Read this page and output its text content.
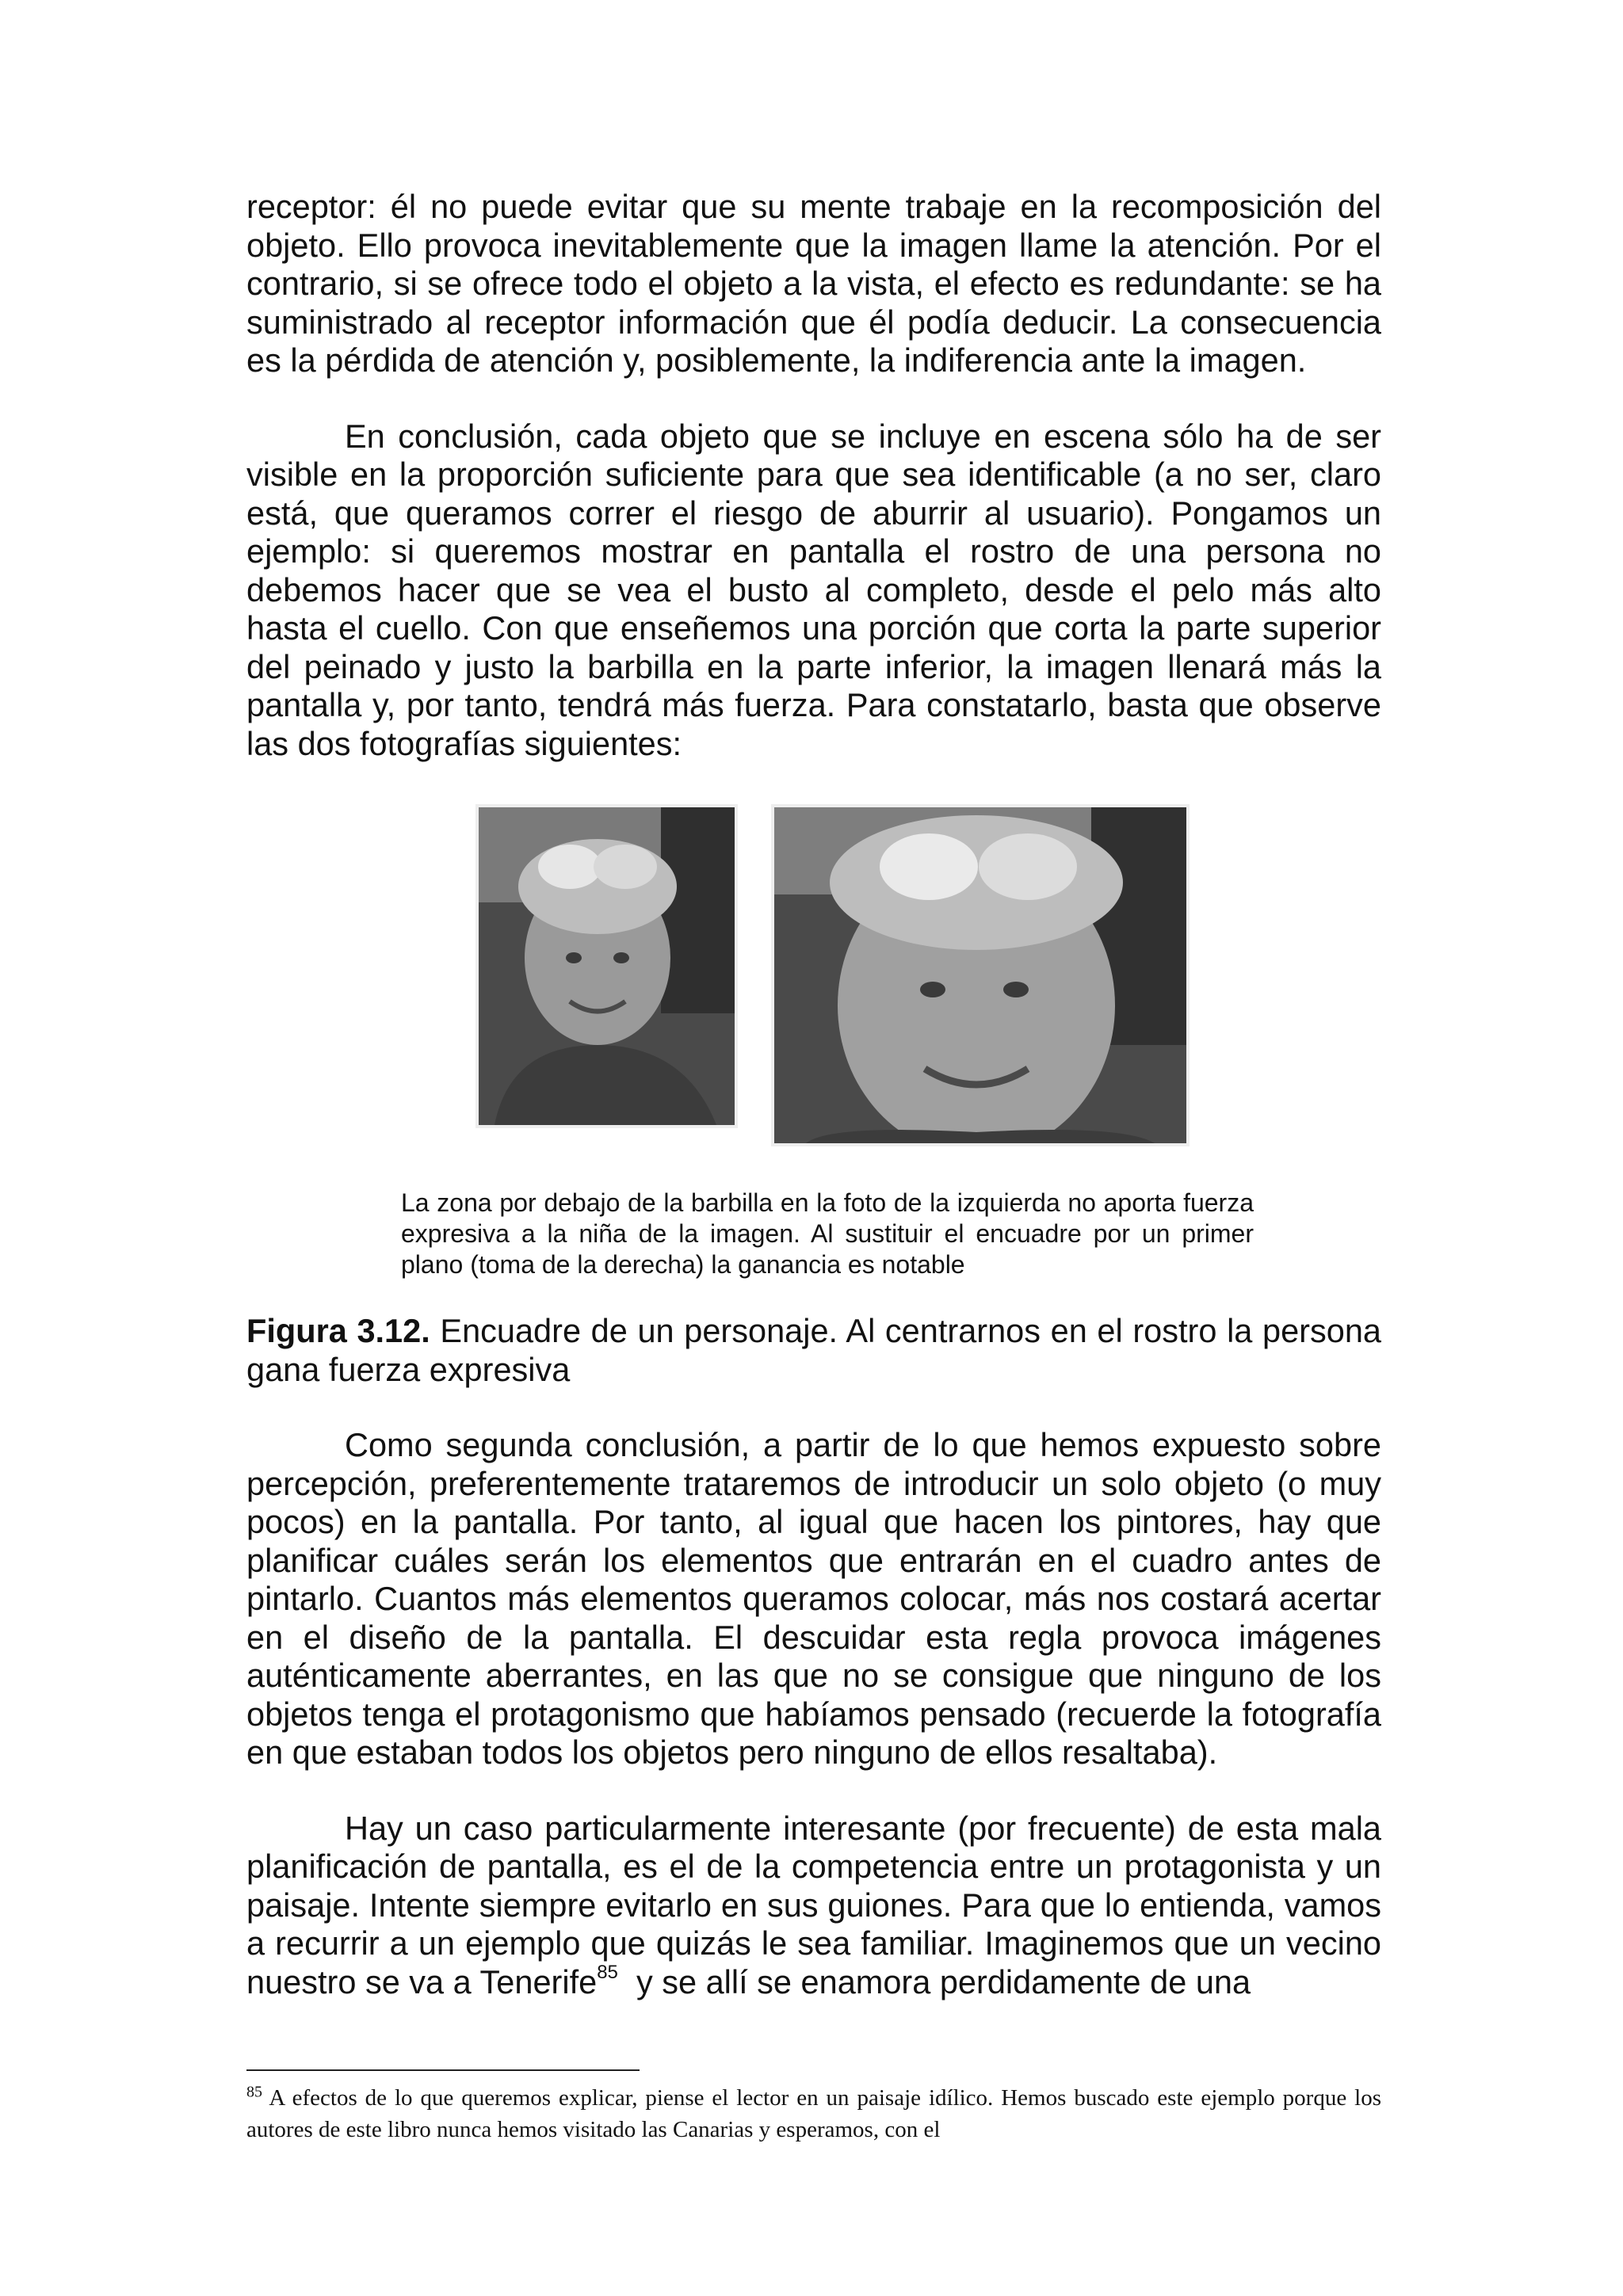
receptor: él no puede evitar que su mente trabaje en la recomposición del objeto. Ello provoca inevitablemente que la imagen llame la atención. Por el contrario, si se ofrece todo el objeto a la vista, el efecto es redundante: se ha suministrado al receptor información que él podía deducir. La consecuencia es la pérdida de atención y, posiblemente, la indiferencia ante la imagen.

En conclusión, cada objeto que se incluye en escena sólo ha de ser visible en la proporción suficiente para que sea identificable (a no ser, claro está, que queramos correr el riesgo de aburrir al usuario). Pongamos un ejemplo: si queremos mostrar en pantalla el rostro de una persona no debemos hacer que se vea el busto al completo, desde el pelo más alto hasta el cuello. Con que enseñemos una porción que corta la parte superior del peinado y justo la barbilla en la parte inferior, la imagen llenará más la pantalla y, por tanto, tendrá más fuerza. Para constatarlo, basta que observe las dos fotografías siguientes:

La zona por debajo de la barbilla en la foto de la izquierda no aporta fuerza expresiva a la niña de la imagen. Al sustituir el encuadre por un primer plano (toma de la derecha) la ganancia es notable

Figura 3.12. Encuadre de un personaje. Al centrarnos en el rostro la persona gana fuerza expresiva

Como segunda conclusión, a partir de lo que hemos expuesto sobre percepción, preferentemente trataremos de introducir un solo objeto (o muy pocos) en la pantalla. Por tanto, al igual que hacen los pintores, hay que planificar cuáles serán los elementos que entrarán en el cuadro antes de pintarlo. Cuantos más elementos queramos colocar, más nos costará acertar en el diseño de la pantalla. El descuidar esta regla provoca imágenes auténticamente aberrantes, en las que no se consigue que ninguno de los objetos tenga el protagonismo que habíamos pensado (recuerde la fotografía en que estaban todos los objetos pero ninguno de ellos resaltaba).

Hay un caso particularmente interesante (por frecuente) de esta mala planificación de pantalla, es el de la competencia entre un protagonista y un paisaje. Intente siempre evitarlo en sus guiones. Para que lo entienda, vamos a recurrir a un ejemplo que quizás le sea familiar. Imaginemos que un vecino nuestro se va a Tenerife$^{85}$  y se allí se enamora perdidamente de una

$^{85}$ A efectos de lo que queremos explicar, piense el lector en un paisaje idílico. Hemos buscado este ejemplo porque los autores de este libro nunca hemos visitado las Canarias y esperamos, con el
